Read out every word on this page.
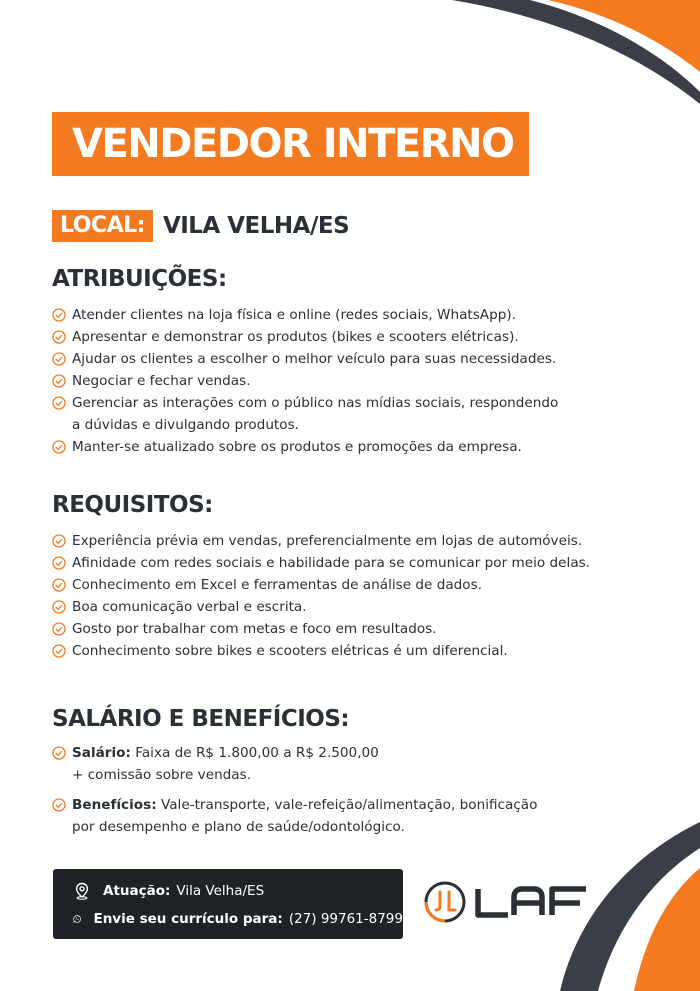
VENDEDOR INTERNO
LOCAL: VILA VELHA/ES
ATRIBUIÇÕES:
Atender clientes na loja física e online (redes sociais, WhatsApp).
Apresentar e demonstrar os produtos (bikes e scooters elétricas).
Ajudar os clientes a escolher o melhor veículo para suas necessidades.
Negociar e fechar vendas.
Gerenciar as interações com o público nas mídias sociais, respondendo
a dúvidas e divulgando produtos.
Manter-se atualizado sobre os produtos e promoções da empresa.
REQUISITOS:
Experiência prévia em vendas, preferencialmente em lojas de automóveis.
Afinidade com redes sociais e habilidade para se comunicar por meio delas.
Conhecimento em Excel e ferramentas de análise de dados.
Boa comunicação verbal e escrita.
Gosto por trabalhar com metas e foco em resultados.
Conhecimento sobre bikes e scooters elétricas é um diferencial.
SALÁRIO E BENEFÍCIOS:
Salário: Faixa de R$ 1.800,00 a R$ 2.500,00
+ comissão sobre vendas.
Benefícios: Vale-transporte, vale-refeição/alimentação, bonificação
por desempenho e plano de saúde/odontológico.
Atuação: Vila Velha/ES
Envie seu currículo para: (27) 99761-8799
